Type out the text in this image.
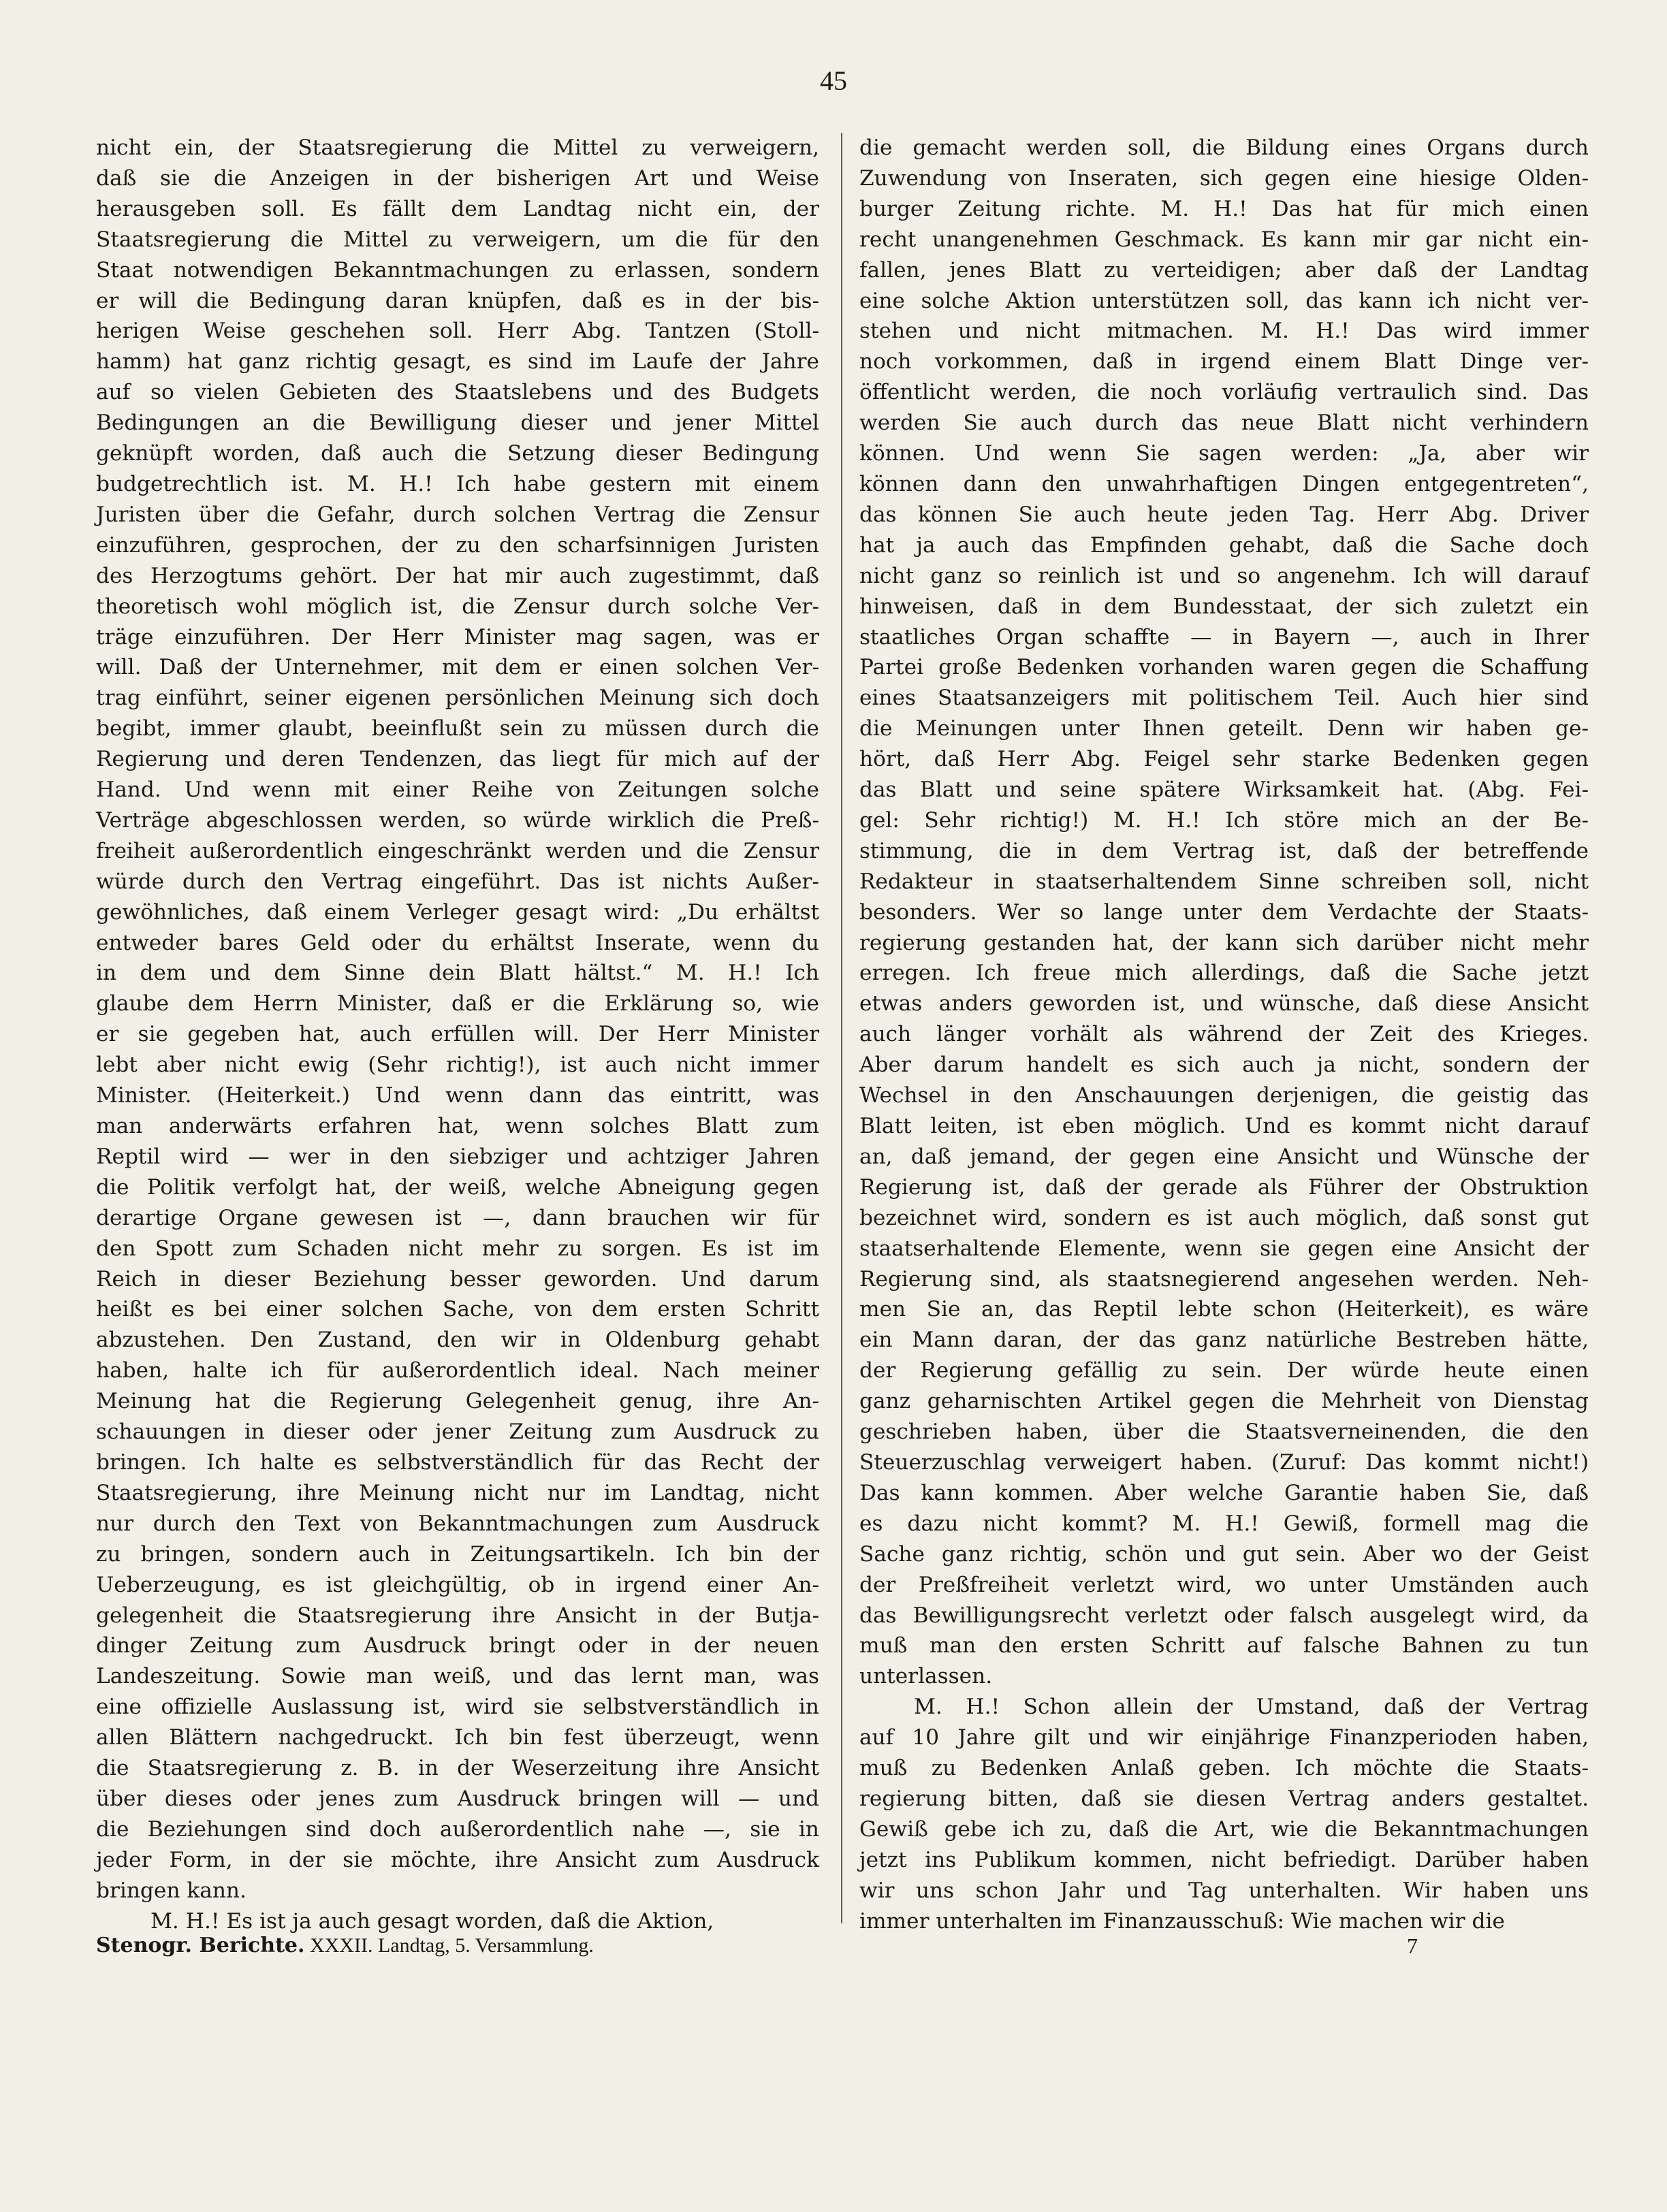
45
nicht ein, der Staatsregierung die Mittel zu verweigern,
daß sie die Anzeigen in der bisherigen Art und Weise
herausgeben soll. Es fällt dem Landtag nicht ein, der
Staatsregierung die Mittel zu verweigern, um die für den
Staat notwendigen Bekanntmachungen zu erlassen, sondern
er will die Bedingung daran knüpfen, daß es in der bis-
herigen Weise geschehen soll. Herr Abg. Tantzen (Stoll-
hamm) hat ganz richtig gesagt, es sind im Laufe der Jahre
auf so vielen Gebieten des Staatslebens und des Budgets
Bedingungen an die Bewilligung dieser und jener Mittel
geknüpft worden, daß auch die Setzung dieser Bedingung
budgetrechtlich ist. M. H.! Ich habe gestern mit einem
Juristen über die Gefahr, durch solchen Vertrag die Zensur
einzuführen, gesprochen, der zu den scharfsinnigen Juristen
des Herzogtums gehört. Der hat mir auch zugestimmt, daß
theoretisch wohl möglich ist, die Zensur durch solche Ver-
träge einzuführen. Der Herr Minister mag sagen, was er
will. Daß der Unternehmer, mit dem er einen solchen Ver-
trag einführt, seiner eigenen persönlichen Meinung sich doch
begibt, immer glaubt, beeinflußt sein zu müssen durch die
Regierung und deren Tendenzen, das liegt für mich auf der
Hand. Und wenn mit einer Reihe von Zeitungen solche
Verträge abgeschlossen werden, so würde wirklich die Preß-
freiheit außerordentlich eingeschränkt werden und die Zensur
würde durch den Vertrag eingeführt. Das ist nichts Außer-
gewöhnliches, daß einem Verleger gesagt wird: „Du erhältst
entweder bares Geld oder du erhältst Inserate, wenn du
in dem und dem Sinne dein Blatt hältst.“ M. H.! Ich
glaube dem Herrn Minister, daß er die Erklärung so, wie
er sie gegeben hat, auch erfüllen will. Der Herr Minister
lebt aber nicht ewig (Sehr richtig!), ist auch nicht immer
Minister. (Heiterkeit.) Und wenn dann das eintritt, was
man anderwärts erfahren hat, wenn solches Blatt zum
Reptil wird — wer in den siebziger und achtziger Jahren
die Politik verfolgt hat, der weiß, welche Abneigung gegen
derartige Organe gewesen ist —, dann brauchen wir für
den Spott zum Schaden nicht mehr zu sorgen. Es ist im
Reich in dieser Beziehung besser geworden. Und darum
heißt es bei einer solchen Sache, von dem ersten Schritt
abzustehen. Den Zustand, den wir in Oldenburg gehabt
haben, halte ich für außerordentlich ideal. Nach meiner
Meinung hat die Regierung Gelegenheit genug, ihre An-
schauungen in dieser oder jener Zeitung zum Ausdruck zu
bringen. Ich halte es selbstverständlich für das Recht der
Staatsregierung, ihre Meinung nicht nur im Landtag, nicht
nur durch den Text von Bekanntmachungen zum Ausdruck
zu bringen, sondern auch in Zeitungsartikeln. Ich bin der
Ueberzeugung, es ist gleichgültig, ob in irgend einer An-
gelegenheit die Staatsregierung ihre Ansicht in der Butja-
dinger Zeitung zum Ausdruck bringt oder in der neuen
Landeszeitung. Sowie man weiß, und das lernt man, was
eine offizielle Auslassung ist, wird sie selbstverständlich in
allen Blättern nachgedruckt. Ich bin fest überzeugt, wenn
die Staatsregierung z. B. in der Weserzeitung ihre Ansicht
über dieses oder jenes zum Ausdruck bringen will — und
die Beziehungen sind doch außerordentlich nahe —, sie in
jeder Form, in der sie möchte, ihre Ansicht zum Ausdruck
bringen kann.
M. H.! Es ist ja auch gesagt worden, daß die Aktion,
die gemacht werden soll, die Bildung eines Organs durch
Zuwendung von Inseraten, sich gegen eine hiesige Olden-
burger Zeitung richte. M. H.! Das hat für mich einen
recht unangenehmen Geschmack. Es kann mir gar nicht ein-
fallen, jenes Blatt zu verteidigen; aber daß der Landtag
eine solche Aktion unterstützen soll, das kann ich nicht ver-
stehen und nicht mitmachen. M. H.! Das wird immer
noch vorkommen, daß in irgend einem Blatt Dinge ver-
öffentlicht werden, die noch vorläufig vertraulich sind. Das
werden Sie auch durch das neue Blatt nicht verhindern
können. Und wenn Sie sagen werden: „Ja, aber wir
können dann den unwahrhaftigen Dingen entgegentreten“,
das können Sie auch heute jeden Tag. Herr Abg. Driver
hat ja auch das Empfinden gehabt, daß die Sache doch
nicht ganz so reinlich ist und so angenehm. Ich will darauf
hinweisen, daß in dem Bundesstaat, der sich zuletzt ein
staatliches Organ schaffte — in Bayern —, auch in Ihrer
Partei große Bedenken vorhanden waren gegen die Schaffung
eines Staatsanzeigers mit politischem Teil. Auch hier sind
die Meinungen unter Ihnen geteilt. Denn wir haben ge-
hört, daß Herr Abg. Feigel sehr starke Bedenken gegen
das Blatt und seine spätere Wirksamkeit hat. (Abg. Fei-
gel: Sehr richtig!) M. H.! Ich störe mich an der Be-
stimmung, die in dem Vertrag ist, daß der betreffende
Redakteur in staatserhaltendem Sinne schreiben soll, nicht
besonders. Wer so lange unter dem Verdachte der Staats-
regierung gestanden hat, der kann sich darüber nicht mehr
erregen. Ich freue mich allerdings, daß die Sache jetzt
etwas anders geworden ist, und wünsche, daß diese Ansicht
auch länger vorhält als während der Zeit des Krieges.
Aber darum handelt es sich auch ja nicht, sondern der
Wechsel in den Anschauungen derjenigen, die geistig das
Blatt leiten, ist eben möglich. Und es kommt nicht darauf
an, daß jemand, der gegen eine Ansicht und Wünsche der
Regierung ist, daß der gerade als Führer der Obstruktion
bezeichnet wird, sondern es ist auch möglich, daß sonst gut
staatserhaltende Elemente, wenn sie gegen eine Ansicht der
Regierung sind, als staatsnegierend angesehen werden. Neh-
men Sie an, das Reptil lebte schon (Heiterkeit), es wäre
ein Mann daran, der das ganz natürliche Bestreben hätte,
der Regierung gefällig zu sein. Der würde heute einen
ganz geharnischten Artikel gegen die Mehrheit von Dienstag
geschrieben haben, über die Staatsverneinenden, die den
Steuerzuschlag verweigert haben. (Zuruf: Das kommt nicht!)
Das kann kommen. Aber welche Garantie haben Sie, daß
es dazu nicht kommt? M. H.! Gewiß, formell mag die
Sache ganz richtig, schön und gut sein. Aber wo der Geist
der Preßfreiheit verletzt wird, wo unter Umständen auch
das Bewilligungsrecht verletzt oder falsch ausgelegt wird, da
muß man den ersten Schritt auf falsche Bahnen zu tun
unterlassen.
M. H.! Schon allein der Umstand, daß der Vertrag
auf 10 Jahre gilt und wir einjährige Finanzperioden haben,
muß zu Bedenken Anlaß geben. Ich möchte die Staats-
regierung bitten, daß sie diesen Vertrag anders gestaltet.
Gewiß gebe ich zu, daß die Art, wie die Bekanntmachungen
jetzt ins Publikum kommen, nicht befriedigt. Darüber haben
wir uns schon Jahr und Tag unterhalten. Wir haben uns
immer unterhalten im Finanzausschuß: Wie machen wir die
Stenogr. Berichte. XXXII. Landtag, 5. Versammlung.	7
